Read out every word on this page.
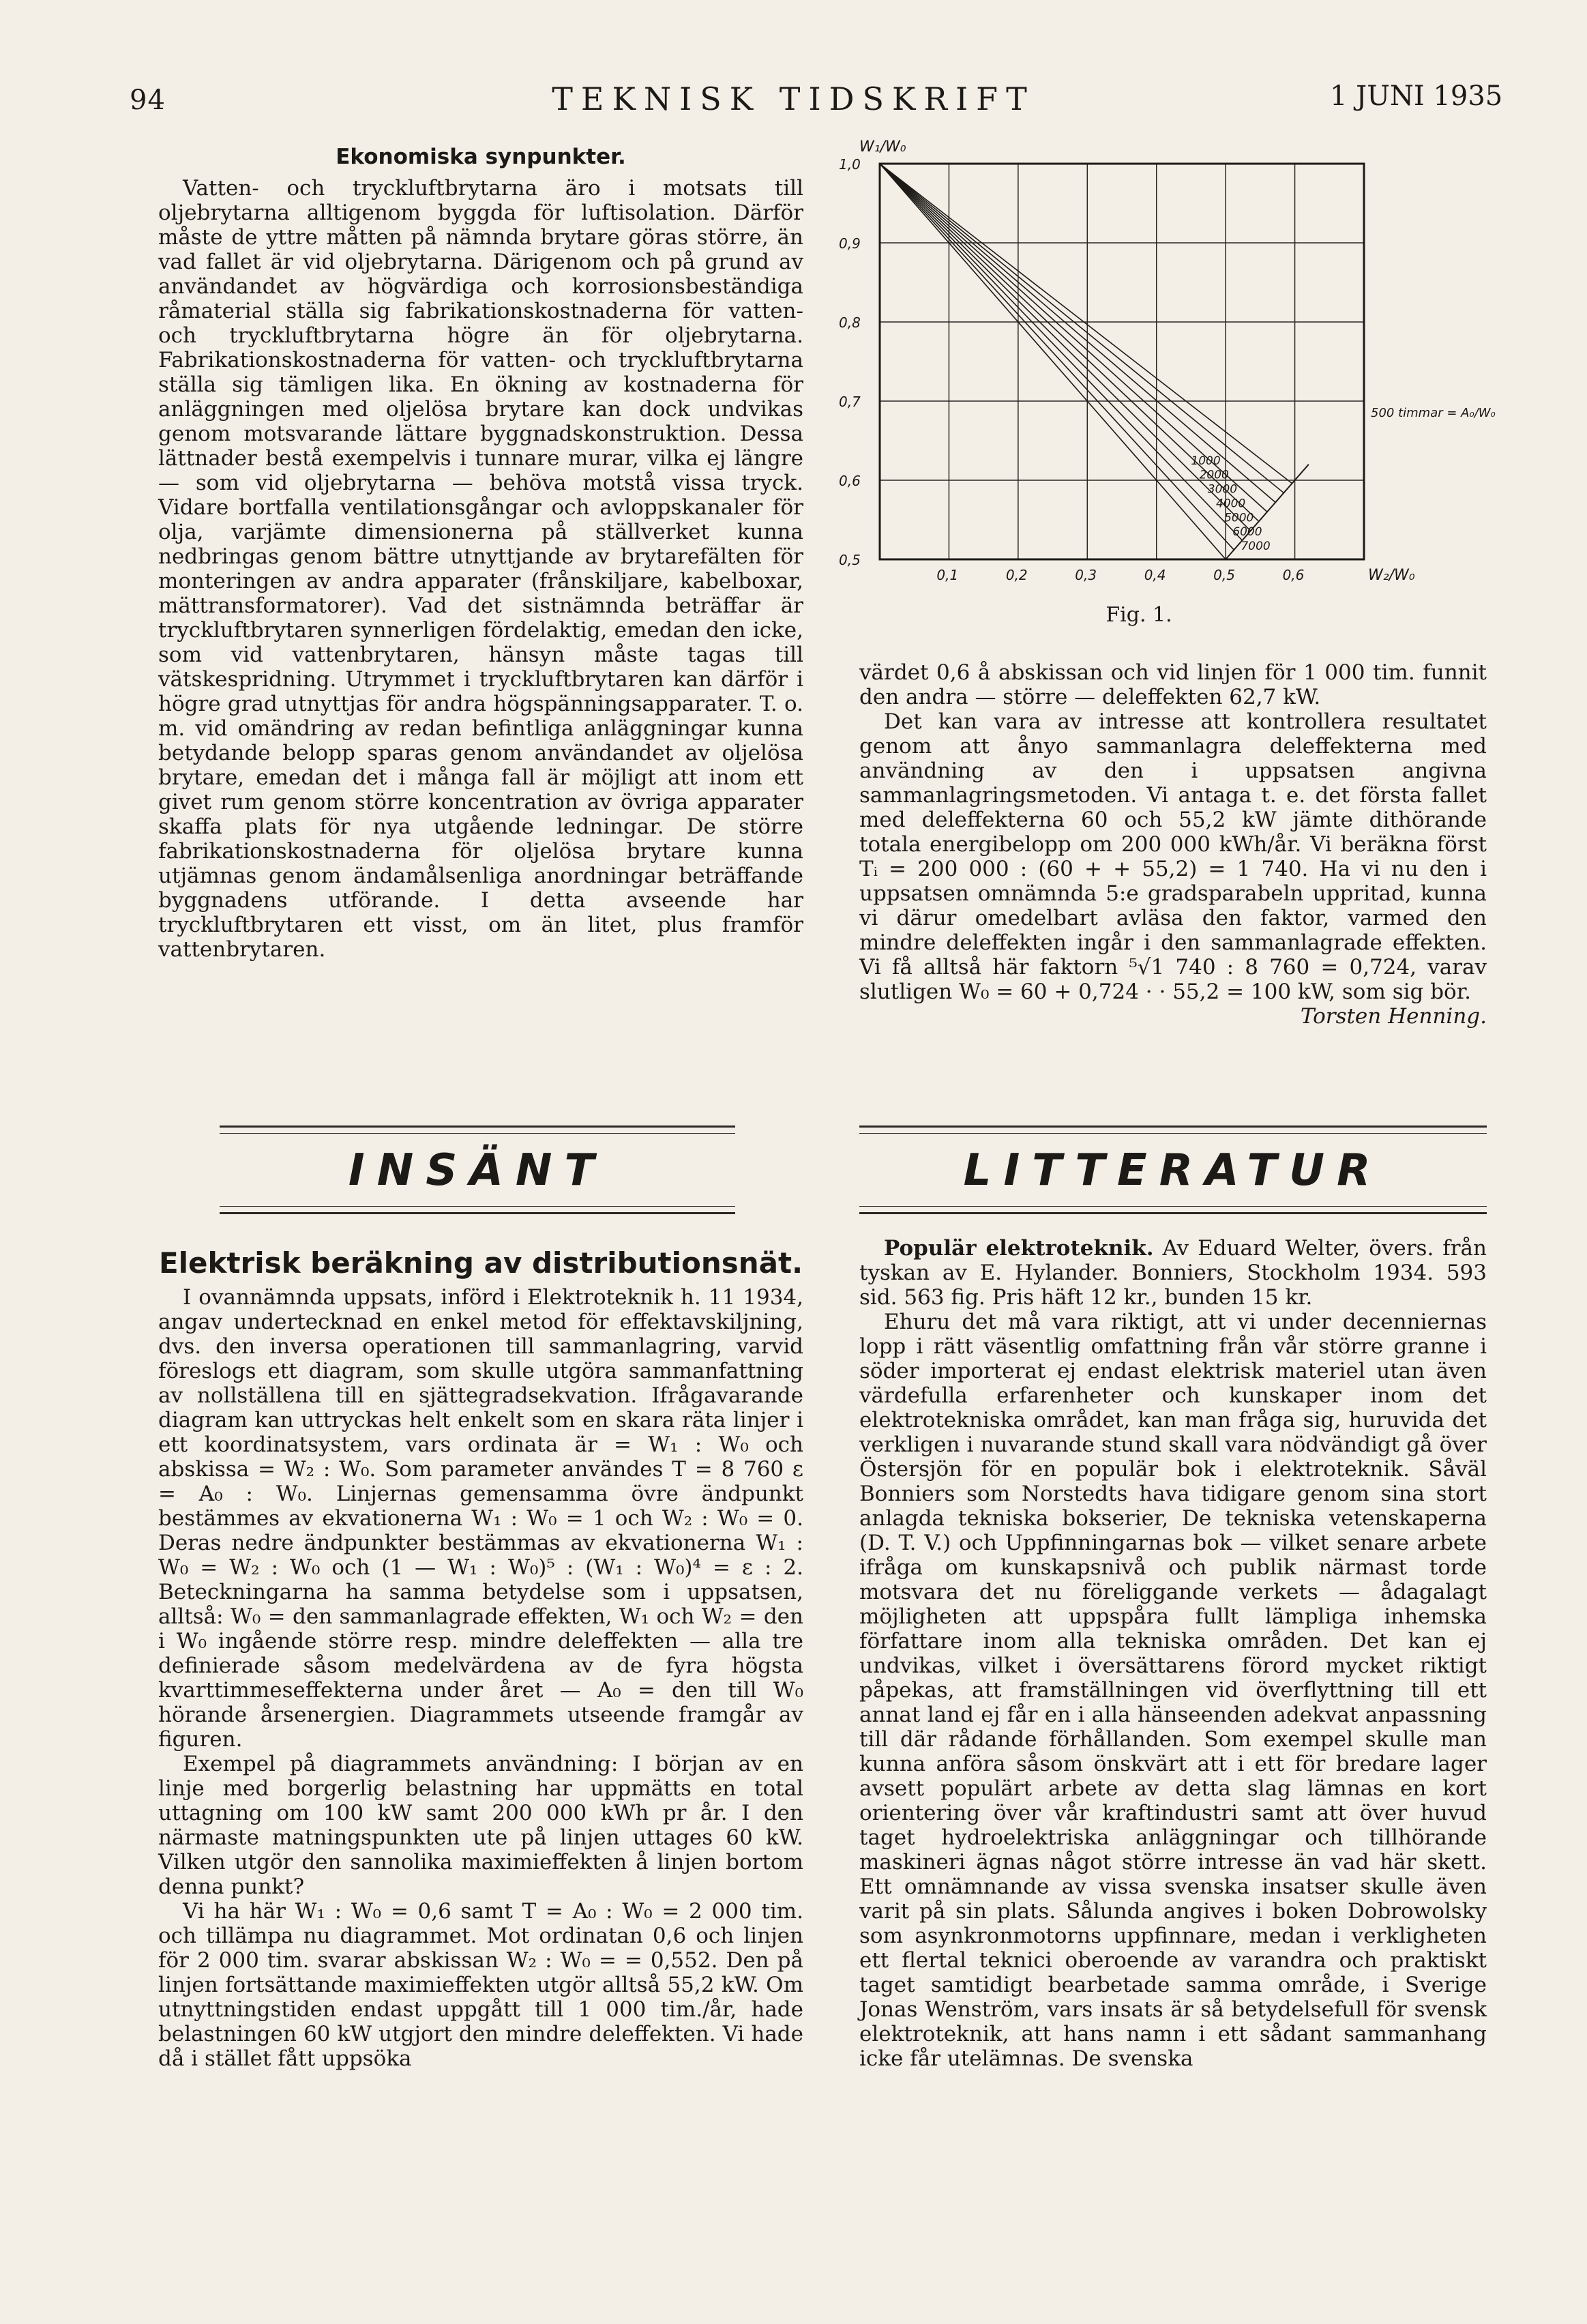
94	TEKNISK TIDSKRIFT	1 JUNI 1935
Ekonomiska synpunkter.

Vatten- och tryckluftbrytarna äro i motsats till oljebrytarna alltigenom byggda för luftisolation. Därför måste de yttre måtten på nämnda brytare göras större, än vad fallet är vid oljebrytarna. Därigenom och på grund av användandet av högvärdiga och korrosionsbeständiga råmaterial ställa sig fabrikationskostnaderna för vatten- och tryckluftbrytarna högre än för oljebrytarna. Fabrikationskostnaderna för vatten- och tryckluftbrytarna ställa sig tämligen lika. En ökning av kostnaderna för anläggningen med oljelösa brytare kan dock undvikas genom motsvarande lättare byggnadskonstruktion. Dessa lättnader bestå exempelvis i tunnare murar, vilka ej längre — som vid oljebrytarna — behöva motstå vissa tryck. Vidare bortfalla ventilationsgångar och avloppskanaler för olja, varjämte dimensionerna på ställverket kunna nedbringas genom bättre utnyttjande av brytarefälten för monteringen av andra apparater (frånskiljare, kabelboxar, mättransformatorer). Vad det sistnämnda beträffar är tryckluftbrytaren synnerligen fördelaktig, emedan den icke, som vid vattenbrytaren, hänsyn måste tagas till vätskespridning. Utrymmet i tryckluftbrytaren kan därför i högre grad utnyttjas för andra högspänningsapparater. T. o. m. vid omändring av redan befintliga anläggningar kunna betydande belopp sparas genom användandet av oljelösa brytare, emedan det i många fall är möjligt att inom ett givet rum genom större koncentration av övriga apparater skaffa plats för nya utgående ledningar. De större fabrikationskostnaderna för oljelösa brytare kunna utjämnas genom ändamålsenliga anordningar beträffande byggnadens utförande. I detta avseende har tryckluftbrytaren ett visst, om än litet, plus framför vattenbrytaren.

0,1	0,2	0,3	0,4	0,5	0,6
1,0
0,9
0,8
0,7
0,6
0,5
W₁/W₀
W₂/W₀
1000
2000
3000
4000
5000
6000
7000
500 timmar = A₀/W₀
Fig. 1.

värdet 0,6 å abskissan och vid linjen för 1 000 tim. funnit den andra — större — deleffekten 62,7 kW.

Det kan vara av intresse att kontrollera resultatet genom att ånyo sammanlagra deleffekterna med användning av den i uppsatsen angivna sammanlagringsmetoden. Vi antaga t. e. det första fallet med deleffekterna 60 och 55,2 kW jämte dithörande totala energibelopp om 200 000 kWh/år. Vi beräkna först Tᵢ = 200 000 : (60 + + 55,2) = 1 740. Ha vi nu den i uppsatsen omnämnda 5:e gradsparabeln uppritad, kunna vi därur omedelbart avläsa den faktor, varmed den mindre deleffekten ingår i den sammanlagrade effekten. Vi få alltså här faktorn ⁵√1 740 : 8 760 = 0,724, varav slutligen W₀ = 60 + 0,724 · · 55,2 = 100 kW, som sig bör.

Torsten Henning.
INSÄNT	LITTERATUR
Elektrisk beräkning av distributionsnät.

I ovannämnda uppsats, införd i Elektroteknik h. 11 1934, angav undertecknad en enkel metod för effektavskiljning, dvs. den inversa operationen till sammanlagring, varvid föreslogs ett diagram, som skulle utgöra sammanfattning av nollställena till en sjättegradsekvation. Ifrågavarande diagram kan uttryckas helt enkelt som en skara räta linjer i ett koordinatsystem, vars ordinata är = W₁ : W₀ och abskissa = W₂ : W₀. Som parameter användes T = 8 760 ε = A₀ : W₀. Linjernas gemensamma övre ändpunkt bestämmes av ekvationerna W₁ : W₀ = 1 och W₂ : W₀ = 0. Deras nedre ändpunkter bestämmas av ekvationerna W₁ : W₀ = W₂ : W₀ och (1 — W₁ : W₀)⁵ : (W₁ : W₀)⁴ = ε : 2. Beteckningarna ha samma betydelse som i uppsatsen, alltså: W₀ = den sammanlagrade effekten, W₁ och W₂ = den i W₀ ingående större resp. mindre deleffekten — alla tre definierade såsom medelvärdena av de fyra högsta kvarttimmeseffekterna under året — A₀ = den till W₀ hörande årsenergien. Diagrammets utseende framgår av figuren.

Exempel på diagrammets användning: I början av en linje med borgerlig belastning har uppmätts en total uttagning om 100 kW samt 200 000 kWh pr år. I den närmaste matningspunkten ute på linjen uttages 60 kW. Vilken utgör den sannolika maximieffekten å linjen bortom denna punkt?

Vi ha här W₁ : W₀ = 0,6 samt T = A₀ : W₀ = 2 000 tim. och tillämpa nu diagrammet. Mot ordinatan 0,6 och linjen för 2 000 tim. svarar abskissan W₂ : W₀ = = 0,552. Den på linjen fortsättande maximieffekten utgör alltså 55,2 kW. Om utnyttningstiden endast uppgått till 1 000 tim./år, hade belastningen 60 kW utgjort den mindre deleffekten. Vi hade då i stället fått uppsöka

Populär elektroteknik. Av Eduard Welter, övers. från tyskan av E. Hylander. Bonniers, Stockholm 1934. 593 sid. 563 fig. Pris häft 12 kr., bunden 15 kr.

Ehuru det må vara riktigt, att vi under decenniernas lopp i rätt väsentlig omfattning från vår större granne i söder importerat ej endast elektrisk materiel utan även värdefulla erfarenheter och kunskaper inom det elektrotekniska området, kan man fråga sig, huruvida det verkligen i nuvarande stund skall vara nödvändigt gå över Östersjön för en populär bok i elektroteknik. Såväl Bonniers som Norstedts hava tidigare genom sina stort anlagda tekniska bokserier, De tekniska vetenskaperna (D. T. V.) och Uppfinningarnas bok — vilket senare arbete ifråga om kunskapsnivå och publik närmast torde motsvara det nu föreliggande verkets — ådagalagt möjligheten att uppspåra fullt lämpliga inhemska författare inom alla tekniska områden. Det kan ej undvikas, vilket i översättarens förord mycket riktigt påpekas, att framställningen vid överflyttning till ett annat land ej får en i alla hänseenden adekvat anpassning till där rådande förhållanden. Som exempel skulle man kunna anföra såsom önskvärt att i ett för bredare lager avsett populärt arbete av detta slag lämnas en kort orientering över vår kraftindustri samt att över huvud taget hydroelektriska anläggningar och tillhörande maskineri ägnas något större intresse än vad här skett. Ett omnämnande av vissa svenska insatser skulle även varit på sin plats. Sålunda angives i boken Dobrowolsky som asynkronmotorns uppfinnare, medan i verkligheten ett flertal teknici oberoende av varandra och praktiskt taget samtidigt bearbetade samma område, i Sverige Jonas Wenström, vars insats är så betydelsefull för svensk elektroteknik, att hans namn i ett sådant sammanhang icke får utelämnas. De svenska
